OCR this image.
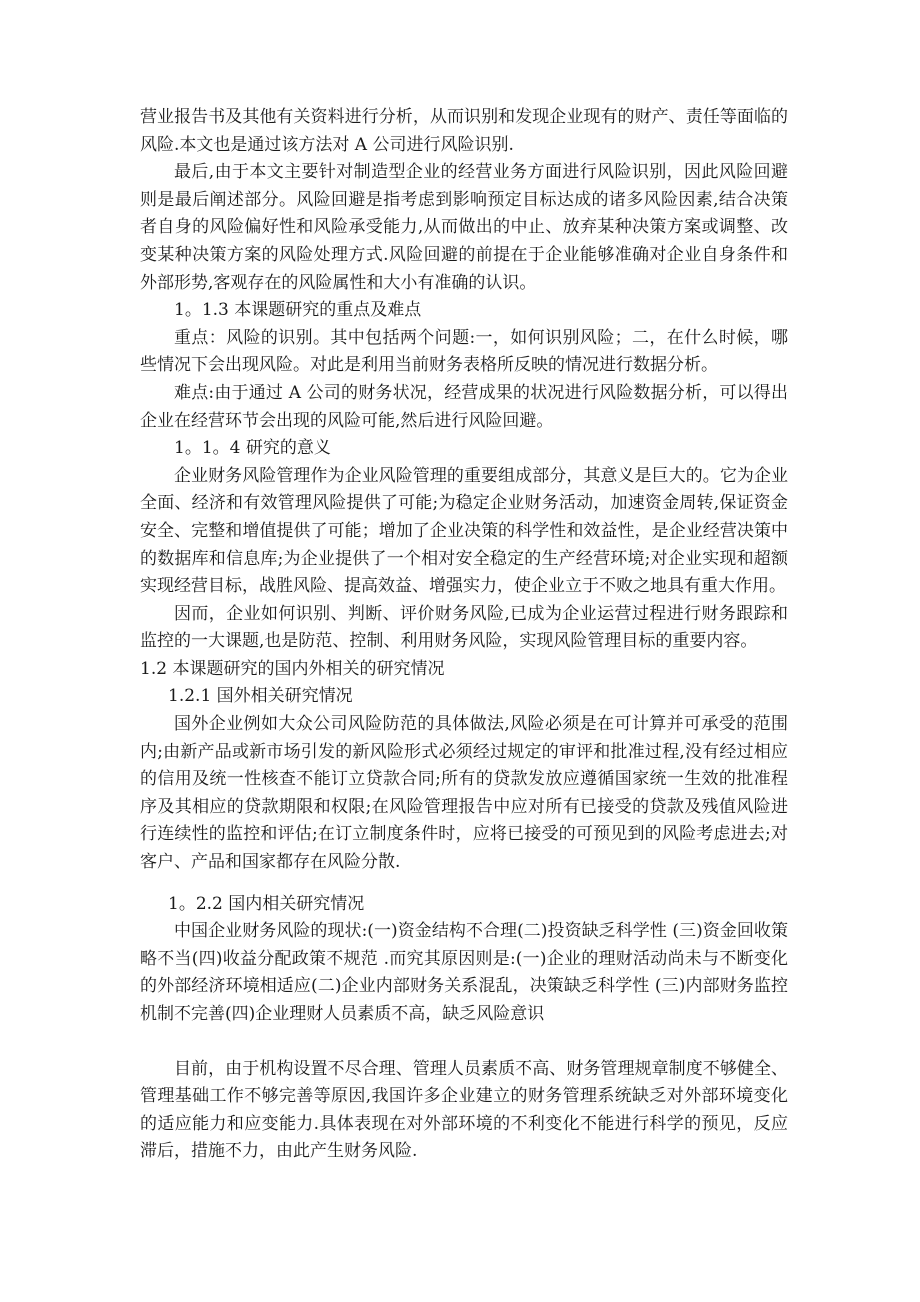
营业报告书及其他有关资料进行分析，从而识别和发现企业现有的财产、责任等面临的风险.本文也是通过该方法对 A 公司进行风险识别.

最后,由于本文主要针对制造型企业的经营业务方面进行风险识别，因此风险回避则是最后阐述部分。风险回避是指考虑到影响预定目标达成的诸多风险因素,结合决策者自身的风险偏好性和风险承受能力,从而做出的中止、放弃某种决策方案或调整、改变某种决策方案的风险处理方式.风险回避的前提在于企业能够准确对企业自身条件和外部形势,客观存在的风险属性和大小有准确的认识。

1。1.3 本课题研究的重点及难点

重点：风险的识别。其中包括两个问题:一，如何识别风险；二，在什么时候，哪些情况下会出现风险。对此是利用当前财务表格所反映的情况进行数据分析。

难点:由于通过 A 公司的财务状况，经营成果的状况进行风险数据分析，可以得出企业在经营环节会出现的风险可能,然后进行风险回避。

1。1。4 研究的意义

企业财务风险管理作为企业风险管理的重要组成部分，其意义是巨大的。它为企业全面、经济和有效管理风险提供了可能;为稳定企业财务活动，加速资金周转,保证资金安全、完整和增值提供了可能；增加了企业决策的科学性和效益性，是企业经营决策中的数据库和信息库;为企业提供了一个相对安全稳定的生产经营环境;对企业实现和超额实现经营目标，战胜风险、提高效益、增强实力，使企业立于不败之地具有重大作用。

因而，企业如何识别、判断、评价财务风险,已成为企业运营过程进行财务跟踪和监控的一大课题,也是防范、控制、利用财务风险，实现风险管理目标的重要内容。

1.2 本课题研究的国内外相关的研究情况

1.2.1 国外相关研究情况

国外企业例如大众公司风险防范的具体做法,风险必须是在可计算并可承受的范围内;由新产品或新市场引发的新风险形式必须经过规定的审评和批准过程,没有经过相应的信用及统一性核查不能订立贷款合同;所有的贷款发放应遵循国家统一生效的批准程序及其相应的贷款期限和权限;在风险管理报告中应对所有已接受的贷款及残值风险进行连续性的监控和评估;在订立制度条件时，应将已接受的可预见到的风险考虑进去;对客户、产品和国家都存在风险分散.

1。2.2 国内相关研究情况

中国企业财务风险的现状:(一)资金结构不合理(二)投资缺乏科学性 (三)资金回收策略不当(四)收益分配政策不规范 .而究其原因则是:(一)企业的理财活动尚未与不断变化的外部经济环境相适应(二)企业内部财务关系混乱，决策缺乏科学性 (三)内部财务监控机制不完善(四)企业理财人员素质不高，缺乏风险意识

目前，由于机构设置不尽合理、管理人员素质不高、财务管理规章制度不够健全、管理基础工作不够完善等原因,我国许多企业建立的财务管理系统缺乏对外部环境变化的适应能力和应变能力.具体表现在对外部环境的不利变化不能进行科学的预见，反应滞后，措施不力，由此产生财务风险.
